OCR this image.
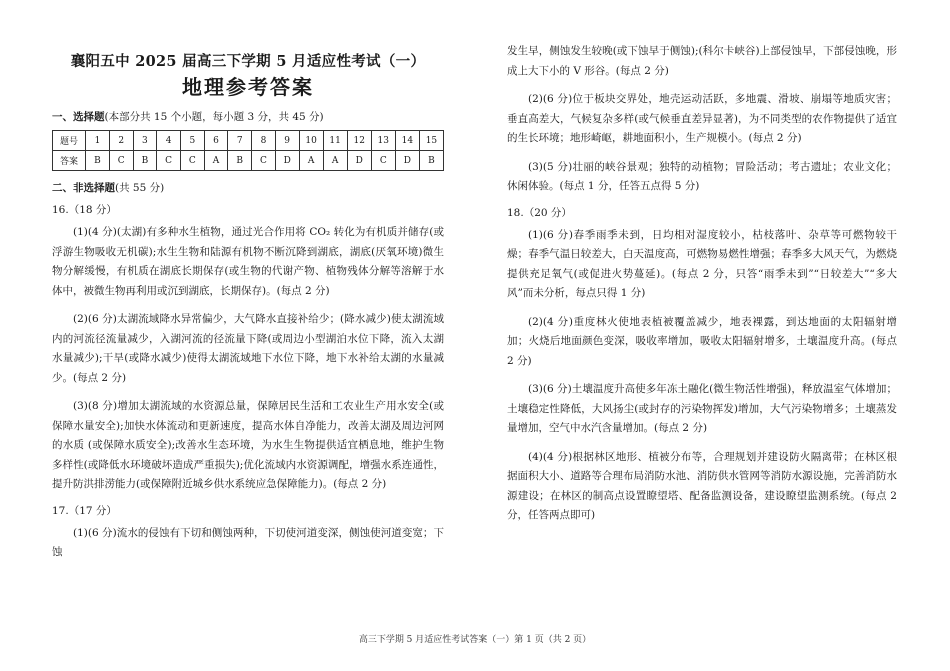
襄阳五中 2025 届高三下学期 5 月适应性考试（一）
地理参考答案
一、选择题(本部分共 15 个小题，每小题 3 分，共 45 分)
题号	1	2	3	4	5	6	7	8	9	10	11	12	13	14	15
答案	B	C	B	C	C	A	B	C	D	A	A	D	C	D	B
二、非选择题(共 55 分)
16.（18 分）

(1)(4 分)(太湖)有多种水生植物，通过光合作用将 CO₂ 转化为有机质并储存(或浮游生物吸收无机碳);水生生物和陆源有机物不断沉降到湖底，湖底(厌氧环境)微生物分解缓慢，有机质在湖底长期保存(或生物的代谢产物、植物残体分解等溶解于水体中，被微生物再利用或沉到湖底，长期保存)。(每点 2 分)

(2)(6 分)太湖流域降水异常偏少，大气降水直接补给少；(降水减少)使太湖流域内的河流径流量减少，入湖河流的径流量下降(或周边小型湖泊水位下降，流入太湖水量减少);干旱(或降水减少)使得太湖流域地下水位下降，地下水补给太湖的水量减少。(每点 2 分)

(3)(8 分)增加太湖流域的水资源总量，保障居民生活和工农业生产用水安全(或保障水量安全);加快水体流动和更新速度，提高水体自净能力，改善太湖及周边河网的水质 (或保障水质安全);改善水生态环境，为水生生物提供适宜栖息地，维护生物多样性(或降低水环境破坏造成严重损失);优化流域内水资源调配，增强水系连通性，提升防洪排涝能力(或保障附近城乡供水系统应急保障能力)。(每点 2 分)

17.（17 分）

(1)(6 分)流水的侵蚀有下切和侧蚀两种，下切使河道变深，侧蚀使河道变宽；下蚀

发生早，侧蚀发生较晚(或下蚀早于侧蚀);(科尔卡峡谷)上部侵蚀早，下部侵蚀晚，形成上大下小的 V 形谷。(每点 2 分)

(2)(6 分)位于板块交界处，地壳运动活跃，多地震、滑坡、崩塌等地质灾害；垂直高差大，气候复杂多样(或气候垂直差异显著)，为不同类型的农作物提供了适宜的生长环境；地形崎岖，耕地面积小，生产规模小。(每点 2 分)

(3)(5 分)壮丽的峡谷景观；独特的动植物；冒险活动；考古遗址；农业文化；休闲体验。(每点 1 分，任答五点得 5 分)

18.（20 分）

(1)(6 分)春季雨季未到，日均相对湿度较小，枯枝落叶、杂草等可燃物较干燥；春季气温日较差大，白天温度高，可燃物易燃性增强；春季多大风天气，为燃烧提供充足氧气(或促进火势蔓延)。(每点 2 分，只答“雨季未到”“日较差大”“多大风”而未分析，每点只得 1 分)

(2)(4 分)重度林火使地表植被覆盖减少，地表裸露，到达地面的太阳辐射增加；火烧后地面颜色变深，吸收率增加，吸收太阳辐射增多，土壤温度升高。(每点 2 分)

(3)(6 分)土壤温度升高使多年冻土融化(微生物活性增强)，释放温室气体增加；土壤稳定性降低，大风扬尘(或封存的污染物挥发)增加，大气污染物增多；土壤蒸发量增加，空气中水汽含量增加。(每点 2 分)

(4)(4 分)根据林区地形、植被分布等，合理规划并建设防火隔离带；在林区根据面积大小、道路等合理布局消防水池、消防供水管网等消防水源设施，完善消防水源建设；在林区的制高点设置瞭望塔、配备监测设备，建设瞭望监测系统。(每点 2 分，任答两点即可)

高三下学期 5 月适应性考试答案（一）第 1 页（共 2 页）
